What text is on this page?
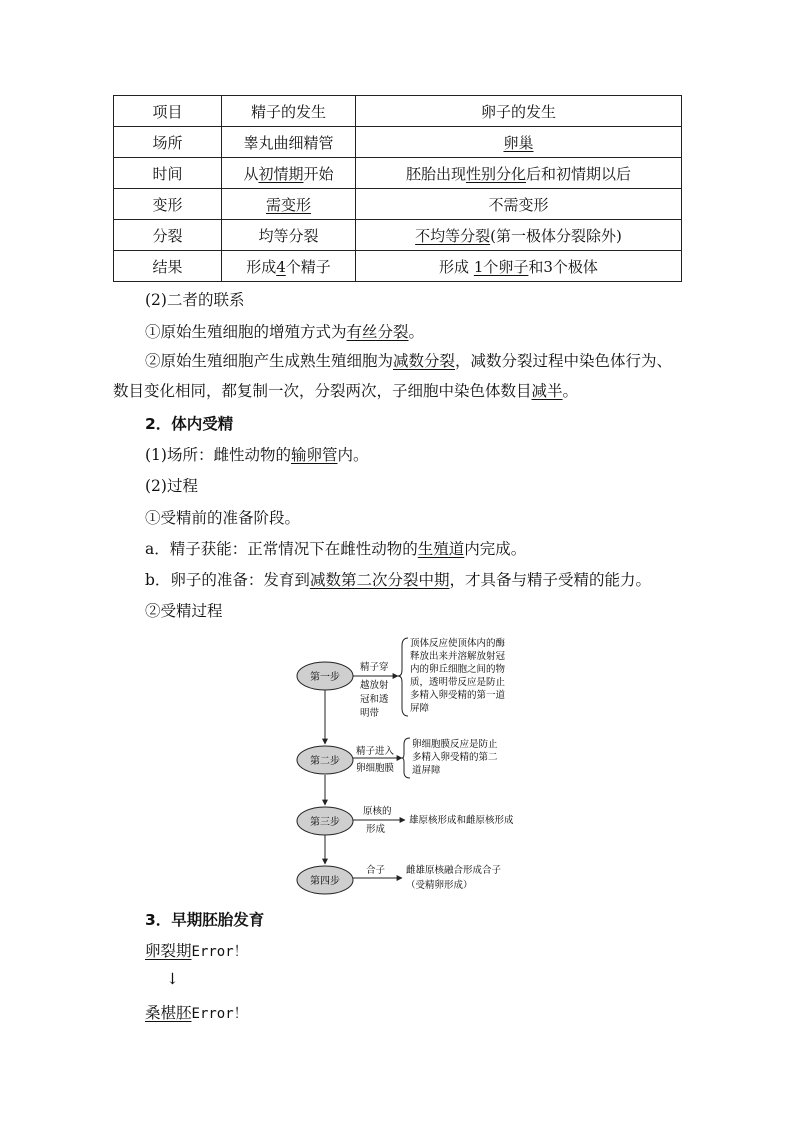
项目	精子的发生	卵子的发生
场所	睾丸曲细精管	卵巢
时间	从初情期开始	胚胎出现性别分化后和初情期以后
变形	需变形	不需变形
分裂	均等分裂	不均等分裂(第一极体分裂除外)
结果	形成4个精子	形成 1个卵子和3个极体
(2)二者的联系
①原始生殖细胞的增殖方式为有丝分裂。
②原始生殖细胞产生成熟生殖细胞为减数分裂，减数分裂过程中染色体行为、数目变化相同，都复制一次，分裂两次，子细胞中染色体数目减半。
2．体内受精
(1)场所：雌性动物的输卵管内。
(2)过程
①受精前的准备阶段。
a．精子获能：正常情况下在雌性动物的生殖道内完成。
b．卵子的准备：发育到减数第二次分裂中期，才具备与精子受精的能力。
②受精过程
第一步
第二步
第三步
第四步
精子穿
越放射
冠和透
明带
顶体反应使顶体内的酶
释放出来并溶解放射冠
内的卵丘细胞之间的物
质，透明带反应是防止
多精入卵受精的第一道
屏障
精子进入
卵细胞膜
卵细胞膜反应是防止
多精入卵受精的第二
道屏障
原核的
形成
雄原核形成和雌原核形成
合子 雌雄原核融合形成合子
（受精卵形成）
3．早期胚胎发育
卵裂期Error！
↓
桑椹胚Error！
